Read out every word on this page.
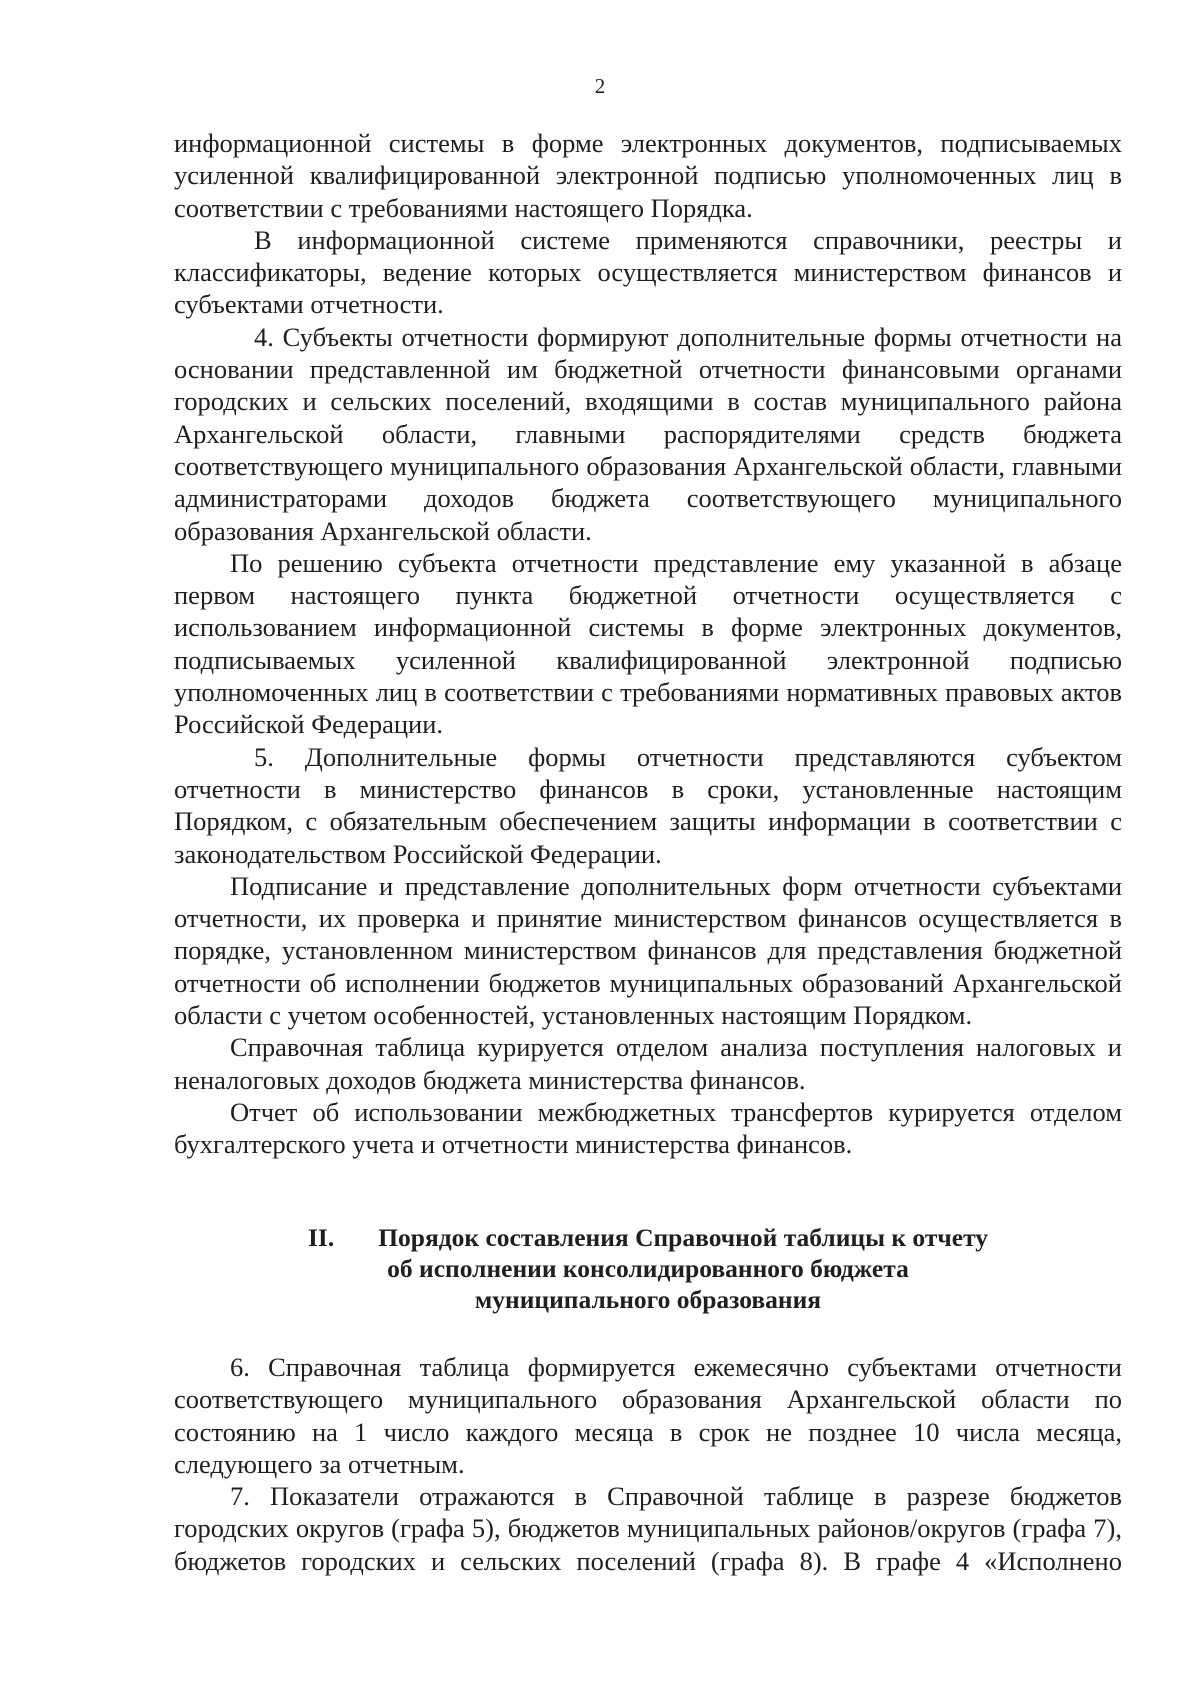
2

информационной системы в форме электронных документов, подписываемых усиленной квалифицированной электронной подписью уполномоченных лиц в соответствии с требованиями настоящего Порядка.

В информационной системе применяются справочники, реестры и классификаторы, ведение которых осуществляется министерством финансов и субъектами отчетности.

4. Субъекты отчетности формируют дополнительные формы отчетности на основании представленной им бюджетной отчетности финансовыми органами городских и сельских поселений, входящими в состав муниципального района Архангельской области, главными распорядителями средств бюджета соответствующего муниципального образования Архангельской области, главными администраторами доходов бюджета соответствующего муниципального образования Архангельской области.

По решению субъекта отчетности представление ему указанной в абзаце первом настоящего пункта бюджетной отчетности осуществляется с использованием информационной системы в форме электронных документов, подписываемых усиленной квалифицированной электронной подписью уполномоченных лиц в соответствии с требованиями нормативных правовых актов Российской Федерации.

5. Дополнительные формы отчетности представляются субъектом отчетности в министерство финансов в сроки, установленные настоящим Порядком, с обязательным обеспечением защиты информации в соответствии с законодательством Российской Федерации.

Подписание и представление дополнительных форм отчетности субъектами отчетности, их проверка и принятие министерством финансов осуществляется в порядке, установленном министерством финансов для представления бюджетной отчетности об исполнении бюджетов муниципальных образований Архангельской области с учетом особенностей, установленных настоящим Порядком.

Справочная таблица курируется отделом анализа поступления налоговых и неналоговых доходов бюджета министерства финансов.

Отчет об использовании межбюджетных трансфертов курируется отделом бухгалтерского учета и отчетности министерства финансов.

II. Порядок составления Справочной таблицы к отчету
об исполнении консолидированного бюджета
муниципального образования

6. Справочная таблица формируется ежемесячно субъектами отчетности соответствующего муниципального образования Архангельской области по состоянию на 1 число каждого месяца в срок не позднее 10 числа месяца, следующего за отчетным.

7. Показатели отражаются в Справочной таблице в разрезе бюджетов городских округов (графа 5), бюджетов муниципальных районов/округов (графа 7), бюджетов городских и сельских поселений (графа 8). В графе 4 «Исполнено
